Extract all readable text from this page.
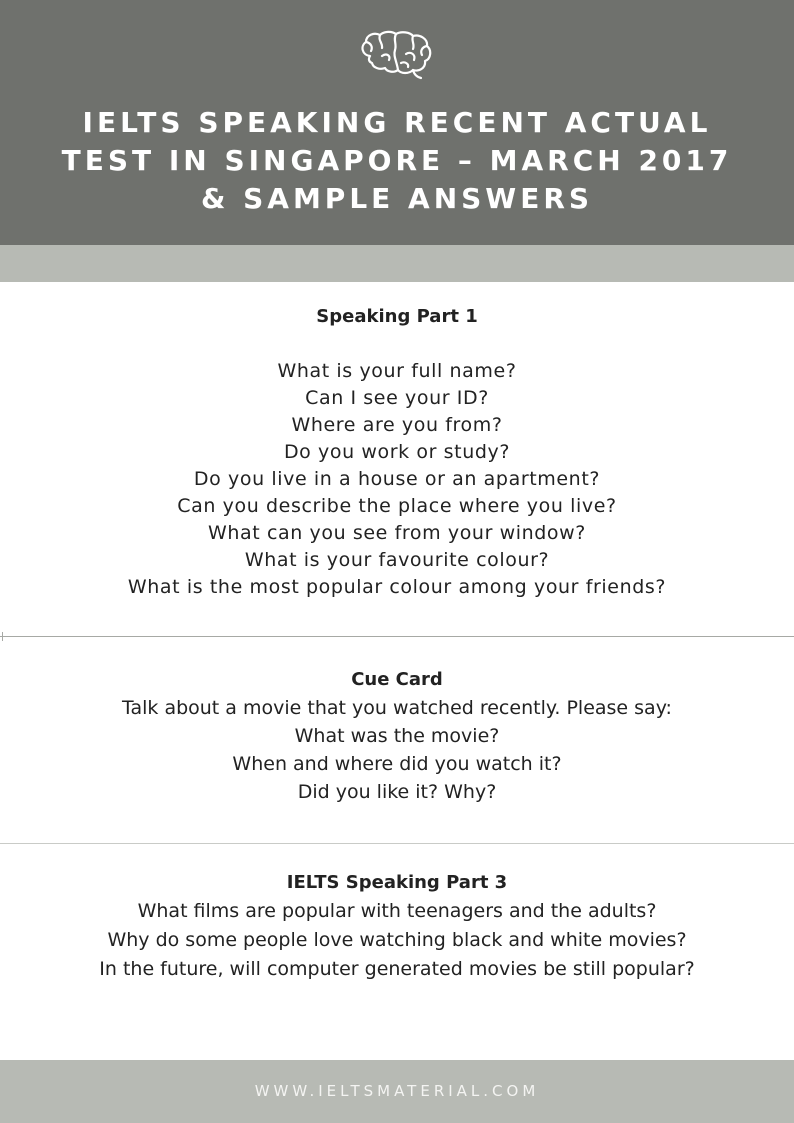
IELTS SPEAKING RECENT ACTUAL
TEST IN SINGAPORE – MARCH 2017
& SAMPLE ANSWERS
Speaking Part 1
What is your full name?
Can I see your ID?
Where are you from?
Do you work or study?
Do you live in a house or an apartment?
Can you describe the place where you live?
What can you see from your window?
What is your favourite colour?
What is the most popular colour among your friends?
Cue Card
Talk about a movie that you watched recently. Please say:
What was the movie?
When and where did you watch it?
Did you like it? Why?
IELTS Speaking Part 3
What films are popular with teenagers and the adults?
Why do some people love watching black and white movies?
In the future, will computer generated movies be still popular?
WWW.IELTSMATERIAL.COM
